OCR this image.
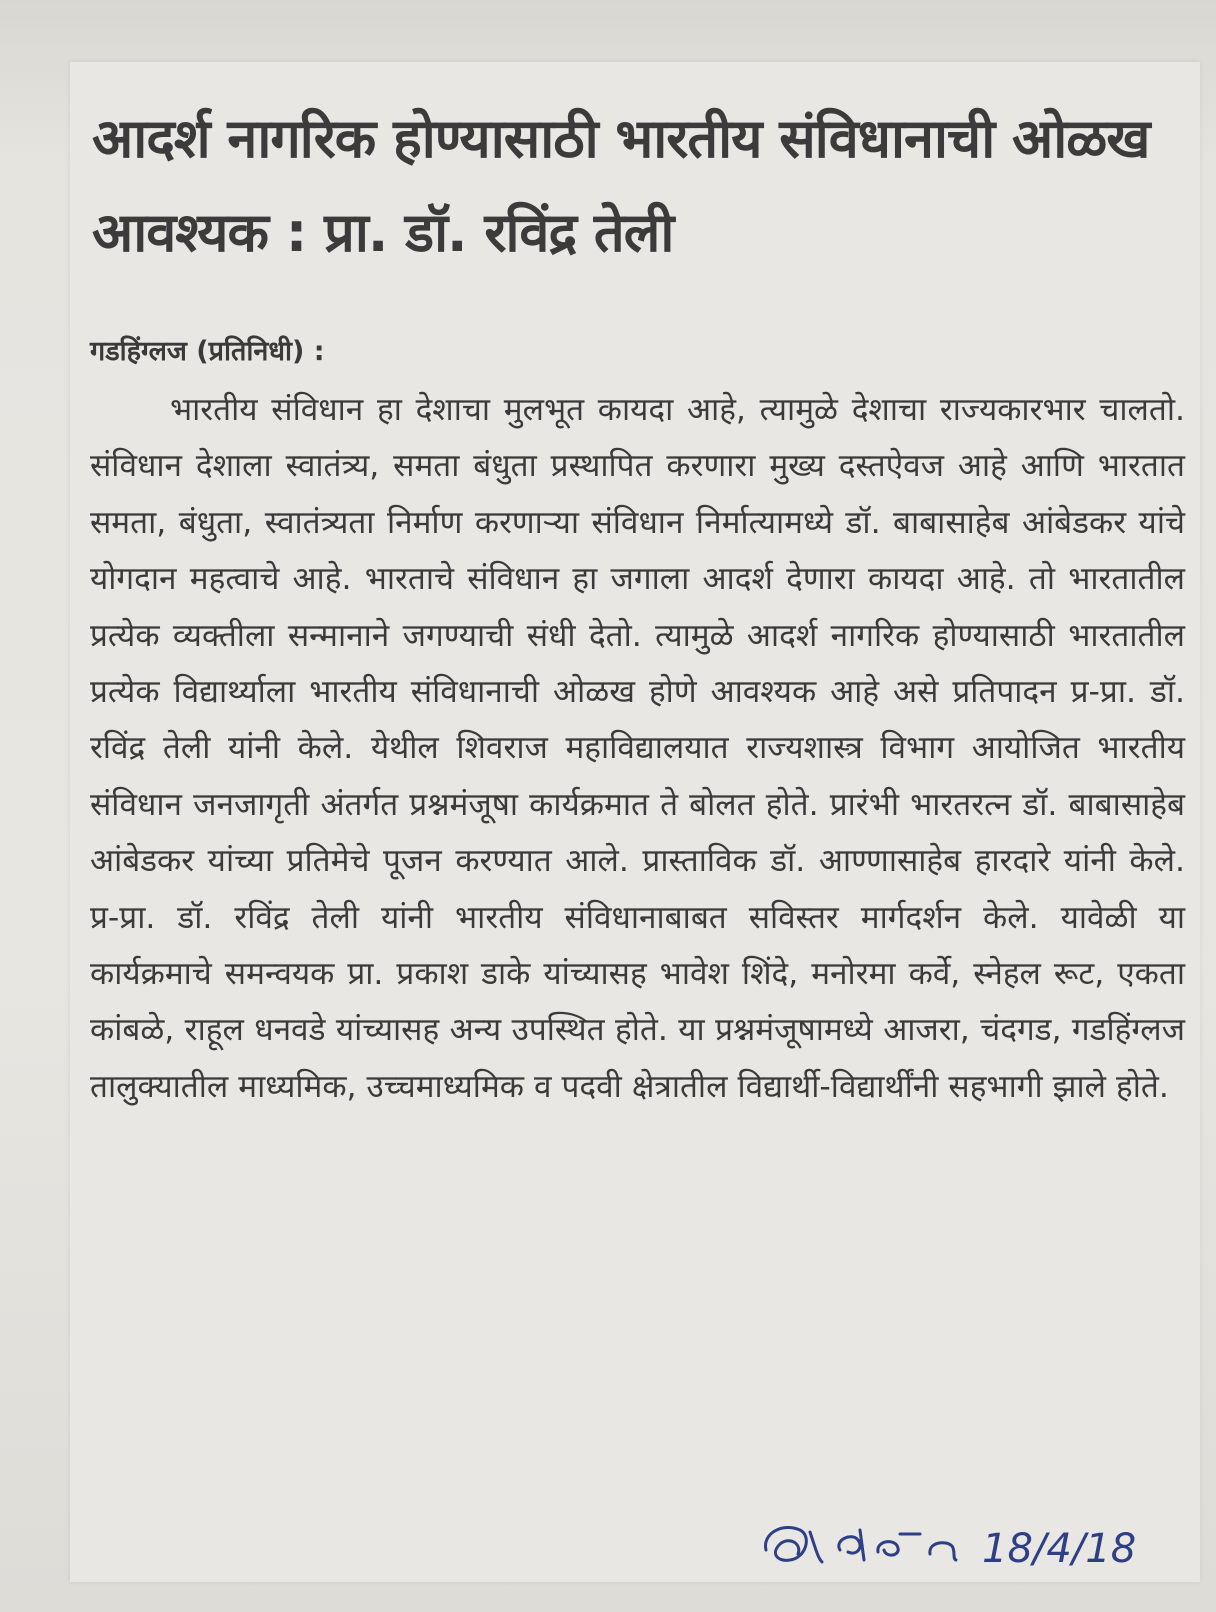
आदर्श नागरिक होण्यासाठी भारतीय संविधानाची ओळख आवश्यक : प्रा. डॉ. रविंद्र तेली

गडहिंग्लज (प्रतिनिधी) :

भारतीय संविधान हा देशाचा मुलभूत कायदा आहे, त्यामुळे देशाचा राज्यकारभार चालतो. संविधान देशाला स्वातंत्र्य, समता बंधुता प्रस्थापित करणारा मुख्य दस्तऐवज आहे आणि भारतात समता, बंधुता, स्वातंत्र्यता निर्माण करणाऱ्या संविधान निर्मात्यामध्ये डॉ. बाबासाहेब आंबेडकर यांचे योगदान महत्वाचे आहे. भारताचे संविधान हा जगाला आदर्श देणारा कायदा आहे. तो भारतातील प्रत्येक व्यक्तीला सन्मानाने जगण्याची संधी देतो. त्यामुळे आदर्श नागरिक होण्यासाठी भारतातील प्रत्येक विद्यार्थ्याला भारतीय संविधानाची ओळख होणे आवश्यक आहे असे प्रतिपादन प्र-प्रा. डॉ. रविंद्र तेली यांनी केले. येथील शिवराज महाविद्यालयात राज्यशास्त्र विभाग आयोजित भारतीय संविधान जनजागृती अंतर्गत प्रश्नमंजूषा कार्यक्रमात ते बोलत होते. प्रारंभी भारतरत्न डॉ. बाबासाहेब आंबेडकर यांच्या प्रतिमेचे पूजन करण्यात आले. प्रास्ताविक डॉ. आण्णासाहेब हारदारे यांनी केले. प्र-प्रा. डॉ. रविंद्र तेली यांनी भारतीय संविधानाबाबत सविस्तर मार्गदर्शन केले. यावेळी या कार्यक्रमाचे समन्वयक प्रा. प्रकाश डाके यांच्यासह भावेश शिंदे, मनोरमा कर्वे, स्नेहल रूट, एकता कांबळे, राहूल धनवडे यांच्यासह अन्य उपस्थित होते. या प्रश्नमंजूषामध्ये आजरा, चंदगड, गडहिंग्लज तालुक्यातील माध्यमिक, उच्चमाध्यमिक व पदवी क्षेत्रातील विद्यार्थी-विद्यार्थींनी सहभागी झाले होते.

18/4/18
